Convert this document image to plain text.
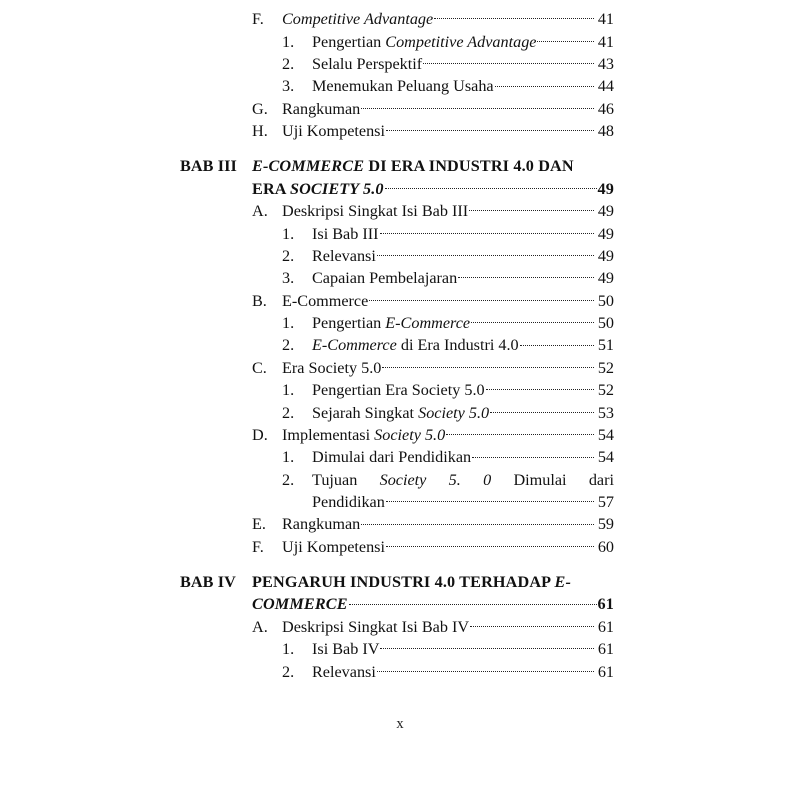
F.	Competitive Advantage	41
1.	Pengertian Competitive Advantage	41
2.	Selalu Perspektif	43
3.	Menemukan Peluang Usaha	44
G. Rangkuman	46
H. Uji Kompetensi	48
BAB III E-COMMERCE DI ERA INDUSTRI 4.0 DAN
ERA SOCIETY 5.0	49
A. Deskripsi Singkat Isi Bab III	49
1.	Isi Bab III	49
2.	Relevansi	49
3.	Capaian Pembelajaran	49
B. E-Commerce	50
1.	Pengertian E-Commerce	50
2.	E-Commerce di Era Industri 4.0	51
C. Era Society 5.0	52
1.	Pengertian Era Society 5.0	52
2.	Sejarah Singkat Society 5.0	53
D. Implementasi Society 5.0	54
1.	Dimulai dari Pendidikan	54
2.	Tujuan Society 5. 0 Dimulai dari
Pendidikan	57
E. Rangkuman	59
F.	Uji Kompetensi	60
BAB IV PENGARUH INDUSTRI 4.0 TERHADAP E-
COMMERCE	61
A. Deskripsi Singkat Isi Bab IV	61
1.	Isi Bab IV	61
2.	Relevansi	61
x
